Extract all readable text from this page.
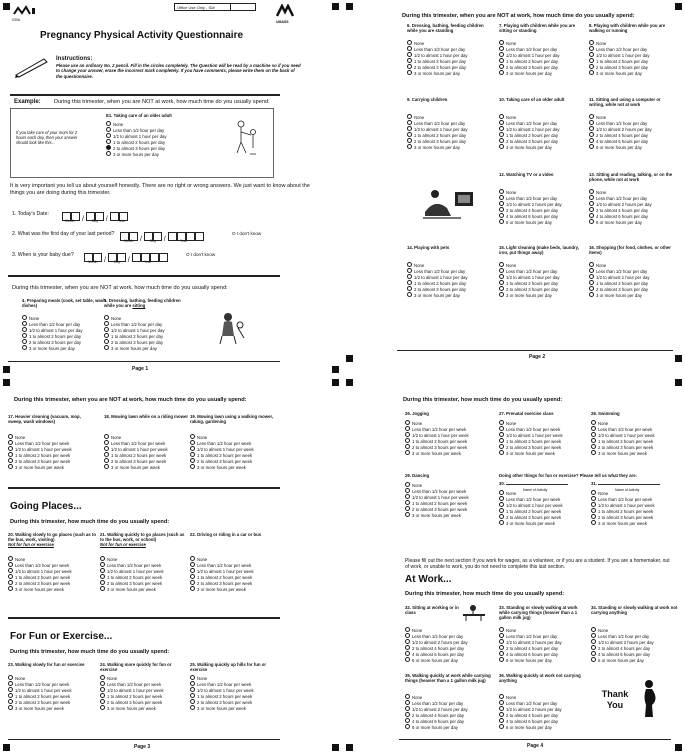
030A
Office Use Only - ID#
UMASS
Pregnancy Physical Activity Questionnaire
Instructions:
Please use an ordinary No. 2 pencil. Fill in the circles completely. The Question will be read by a machine so if you need to change your answer, erase the incorrect mark completely. If you have comments, please write them on the back of the questionnaire.
Example: During this trimester, when you are NOT at work, how much time do you usually spend:
If you take care of your mom for 2 hours each day, then your answer should look like this...
E1. Taking care of an older adult
None
Less than 1/2 hour per day
1/2 to almost 1 hour per day
1 to almost 2 hours per day
2 to almost 3 hours per day
3 or more hours per day
It is very important you tell us about yourself honestly. There are no right or wrong answers. We just want to know about the things you are doing during this trimester.
1. Today's Date:
/	/
Month	Day	Year
2. What was the first day of your last period?
/	/
Month	Day	Year
O I don't know
3. When is your baby due?
/	/
Month	Day	Year
O I don't know
During this trimester, when you are NOT at work, how much time do you usually spend:
4. Preparing meals (cook, set table, wash dishes)
None
Less than 1/2 hour per day
1/2 to almost 1 hour per day
1 to almost 2 hours per day
2 to almost 3 hours per day
3 or more hours per day
5. Dressing, bathing, feeding children while you are sitting
None
Less than 1/2 hour per day
1/2 to almost 1 hour per day
1 to almost 2 hours per day
2 to almost 3 hours per day
3 or more hours per day
Page 1
During this trimester, when you are NOT at work, how much time do you usually spend:
6. Dressing, bathing, feeding children while you are standing
None
Less than 1/2 hour per day
1/2 to almost 1 hour per day
1 to almost 2 hours per day
2 to almost 3 hours per day
3 or more hours per day
7. Playing with children while you are sitting or standing
None
Less than 1/2 hour per day
1/2 to almost 1 hour per day
1 to almost 2 hours per day
2 to almost 3 hours per day
3 or more hours per day
8. Playing with children while you are walking or running
None
Less than 1/2 hour per day
1/2 to almost 1 hour per day
1 to almost 2 hours per day
2 to almost 3 hours per day
3 or more hours per day
9. Carrying children
None
Less than 1/2 hour per day
1/2 to almost 1 hour per day
1 to almost 2 hours per day
2 to almost 3 hours per day
3 or more hours per day
10. Taking care of an older adult
None
Less than 1/2 hour per day
1/2 to almost 1 hour per day
1 to almost 2 hours per day
2 to almost 3 hours per day
3 or more hours per day
11. Sitting and using a computer or writing, while not at work
None
Less than 1/2 hour per day
1/2 to almost 2 hours per day
2 to almost 4 hours per day
4 to almost 6 hours per day
6 or more hours per day
12. Watching TV or a video
None
Less than 1/2 hour per day
1/2 to almost 2 hours per day
2 to almost 4 hours per day
4 to almost 6 hours per day
6 or more hours per day
13. Sitting and reading, talking, or on the phone, while not at work
None
Less than 1/2 hour per day
1/2 to almost 2 hours per day
2 to almost 4 hours per day
4 to almost 6 hours per day
6 or more hours per day
14. Playing with pets
None
Less than 1/2 hour per day
1/2 to almost 1 hour per day
1 to almost 2 hours per day
2 to almost 3 hours per day
3 or more hours per day
15. Light cleaning (make beds, laundry, iron, put things away)
None
Less than 1/2 hour per day
1/2 to almost 1 hour per day
1 to almost 2 hours per day
2 to almost 3 hours per day
3 or more hours per day
16. Shopping (for food, clothes, or other items)
None
Less than 1/2 hour per day
1/2 to almost 1 hour per day
1 to almost 2 hours per day
2 to almost 3 hours per day
3 or more hours per day
Page 2
During this trimester, when you are NOT at work, how much time do you usually spend:
17. Heavier cleaning (vacuum, mop, sweep, wash windows)
None
Less than 1/2 hour per week
1/2 to almost 1 hour per week
1 to almost 2 hours per week
2 to almost 3 hours per week
3 or more hours per week
18. Mowing lawn while on a riding mower
None
Less than 1/2 hour per week
1/2 to almost 1 hour per week
1 to almost 2 hours per week
2 to almost 3 hours per week
3 or more hours per week
19. Mowing lawn using a walking mower, raking, gardening
None
Less than 1/2 hour per week
1/2 to almost 1 hour per week
1 to almost 2 hours per week
2 to almost 3 hours per week
3 or more hours per week
Going Places...
During this trimester, how much time do you usually spend:
20. Walking slowly to go places (such as to the bus, work, visiting)
Not for fun or exercise
None
Less than 1/2 hour per week
1/2 to almost 1 hour per week
1 to almost 2 hours per week
2 to almost 3 hours per week
3 or more hours per week
21. Walking quickly to go places (such as to the bus, work, or school)
Not for fun or exercise
None
Less than 1/2 hour per week
1/2 to almost 1 hour per week
1 to almost 2 hours per week
2 to almost 3 hours per week
3 or more hours per week
22. Driving or riding in a car or bus
None
Less than 1/2 hour per week
1/2 to almost 1 hour per week
1 to almost 2 hours per week
2 to almost 3 hours per week
3 or more hours per week
For Fun or Exercise...
During this trimester, how much time do you usually spend:
23. Walking slowly for fun or exercise
None
Less than 1/2 hour per week
1/2 to almost 1 hour per week
1 to almost 2 hours per week
2 to almost 3 hours per week
3 or more hours per week
24. Walking more quickly for fun or exercise
None
Less than 1/2 hour per week
1/2 to almost 1 hour per week
1 to almost 2 hours per week
2 to almost 3 hours per week
3 or more hours per week
25. Walking quickly up hills for fun or exercise
None
Less than 1/2 hour per week
1/2 to almost 1 hour per week
1 to almost 2 hours per week
2 to almost 3 hours per week
3 or more hours per week
Page 3
During this trimester, how much time do you usually spend:
26. Jogging
None
Less than 1/2 hour per week
1/2 to almost 1 hour per week
1 to almost 2 hours per week
2 to almost 3 hours per week
3 or more hours per week
27. Prenatal exercise class
None
Less than 1/2 hour per week
1/2 to almost 1 hour per week
1 to almost 2 hours per week
2 to almost 3 hours per week
3 or more hours per week
28. Swimming
None
Less than 1/2 hour per week
1/2 to almost 1 hour per week
1 to almost 2 hours per week
2 to almost 3 hours per week
3 or more hours per week
Doing other things for fun or exercise? Please tell us what they are.
29. Dancing
None
Less than 1/2 hour per week
1/2 to almost 1 hour per week
1 to almost 2 hours per week
2 to almost 3 hours per week
3 or more hours per week
30.
Name of Activity
None
Less than 1/2 hour per week
1/2 to almost 1 hour per week
1 to almost 2 hours per week
2 to almost 3 hours per week
3 or more hours per week
31.
Name of Activity
None
Less than 1/2 hour per week
1/2 to almost 1 hour per week
1 to almost 2 hours per week
2 to almost 3 hours per week
3 or more hours per week
Please fill out the next section if you work for wages, as a volunteer, or if you are a student. If you are a homemaker, out of work, or unable to work, you do not need to complete this last section.
At Work...
During this trimester, how much time do you usually spend:
32. Sitting at working or in class
None
Less than 1/2 hour per day
1/2 to almost 2 hours per day
2 to almost 4 hours per day
4 to almost 6 hours per day
6 or more hours per day
33. Standing or slowly walking at work while carrying things (heavier than a 1 gallon milk jug)
None
Less than 1/2 hour per day
1/2 to almost 2 hours per day
2 to almost 4 hours per day
4 to almost 6 hours per day
6 or more hours per day
34. Standing or slowly walking at work not carrying anything
None
Less than 1/2 hour per day
1/2 to almost 2 hours per day
2 to almost 4 hours per day
4 to almost 6 hours per day
6 or more hours per day
35. Walking quickly at work while carrying things (heavier than a 1 gallon milk jug)
None
Less than 1/2 hour per day
1/2 to almost 2 hours per day
2 to almost 4 hours per day
4 to almost 6 hours per day
6 or more hours per day
36. Walking quickly at work not carrying anything
None
Less than 1/2 hour per day
1/2 to almost 2 hours per day
2 to almost 4 hours per day
4 to almost 6 hours per day
6 or more hours per day
Thank You
Page 4
